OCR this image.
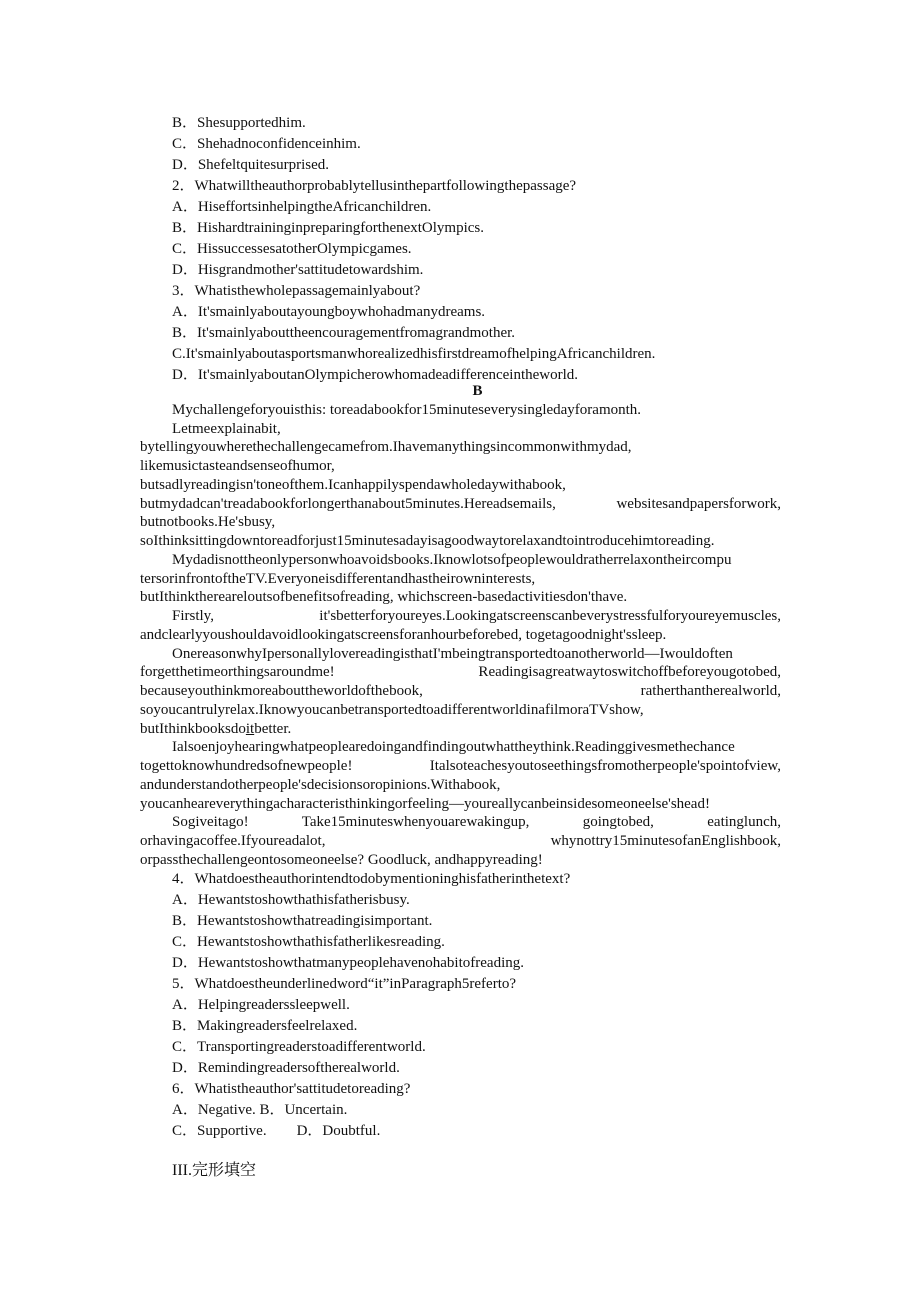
B．Shesupportedhim.
C．Shehadnoconfidenceinhim.
D．Shefeltquitesurprised.
2．Whatwilltheauthorprobablytellusinthepartfollowingthepassage?
A．HiseffortsinhelpingtheAfricanchildren.
B．HishardtraininginpreparingforthenextOlympics.
C．HissuccessesatotherOlympicgames.
D．Hisgrandmother'sattitudetowardshim.
3．Whatisthewholepassagemainlyabout?
A．It'smainlyaboutayoungboywhohadmanydreams.
B．It'smainlyabouttheencouragementfromagrandmother.
C.It'smainlyaboutasportsmanwhorealizedhisfirstdreamofhelpingAfricanchildren.
D．It'smainlyaboutanOlympicherowhomadeadifferenceintheworld.
B
Mychallengeforyouisthis: toreadabookfor15minuteseverysingledayforamonth.
Letmeexplainabit,
bytellingyouwherethechallengecamefrom.Ihavemanythingsincommonwithmydad,
likemusictasteandsenseofhumor,
butsadlyreadingisn'toneofthem.Icanhappilyspendawholedaywithabook,
butmydadcan'treadabookforlongerthanabout5minutes.Hereadsemails, websitesandpapersforwork,
butnotbooks.He'sbusy,
soIthinksittingdowntoreadforjust15minutesadayisagoodwaytorelaxandtointroducehimtoreading.
Mydadisnottheonlypersonwhoavoidsbooks.Iknowlotsofpeoplewouldratherrelaxontheircompu
tersorinfrontoftheTV.Everyoneisdifferentandhastheirowninterests,
butIthinkthereareloutsofbenefitsofreading, whichscreen-basedactivitiesdon'thave.
Firstly, it'sbetterforyoureyes.Lookingatscreenscanbeverystressfulforyoureyemuscles,
andclearlyyoushouldavoidlookingatscreensforanhourbeforebed, togetagoodnight'ssleep.
OnereasonwhyIpersonallylovereadingisthatI'mbeingtransportedtoanotherworld—Iwouldoften
forgetthetimeorthingsaroundme! Readingisagreatwaytoswitchoffbeforeyougotobed,
becauseyouthinkmoreabouttheworldofthebook, ratherthantherealworld,
soyoucantrulyrelax.IknowyoucanbetransportedtoadifferentworldinafilmoraTVshow,
butIthinkbooksdoitbetter.
Ialsoenjoyhearingwhatpeoplearedoingandfindingoutwhattheythink.Readinggivesmethechance
togettoknowhundredsofnewpeople! Italsoteachesyoutoseethingsfromotherpeople'spointofview,
andunderstandotherpeople'sdecisionsoropinions.Withabook,
youcanheareverythingacharacteristhinkingorfeeling—youreallycanbeinsidesomeoneelse'shead!
Sogiveitago! Take15minuteswhenyouarewakingup, goingtobed, eatinglunch,
orhavingacoffee.Ifyoureadalot, whynottry15minutesofanEnglishbook,
orpassthechallengeontosomeoneelse? Goodluck, andhappyreading!
4．Whatdoestheauthorintendtodobymentioninghisfatherinthetext?
A．Hewantstoshowthathisfatherisbusy.
B．Hewantstoshowthatreadingisimportant.
C．Hewantstoshowthathisfatherlikesreading.
D．Hewantstoshowthatmanypeoplehavenohabitofreading.
5．Whatdoestheunderlinedword“it”inParagraph5referto?
A．Helpingreaderssleepwell.
B．Makingreadersfeelrelaxed.
C．Transportingreaderstoadifferentworld.
D．Remindingreadersoftherealworld.
6．Whatistheauthor'sattitudetoreading?
A．Negative. B．Uncertain.
C．Supportive.　　D．Doubtful.
III.完形填空
